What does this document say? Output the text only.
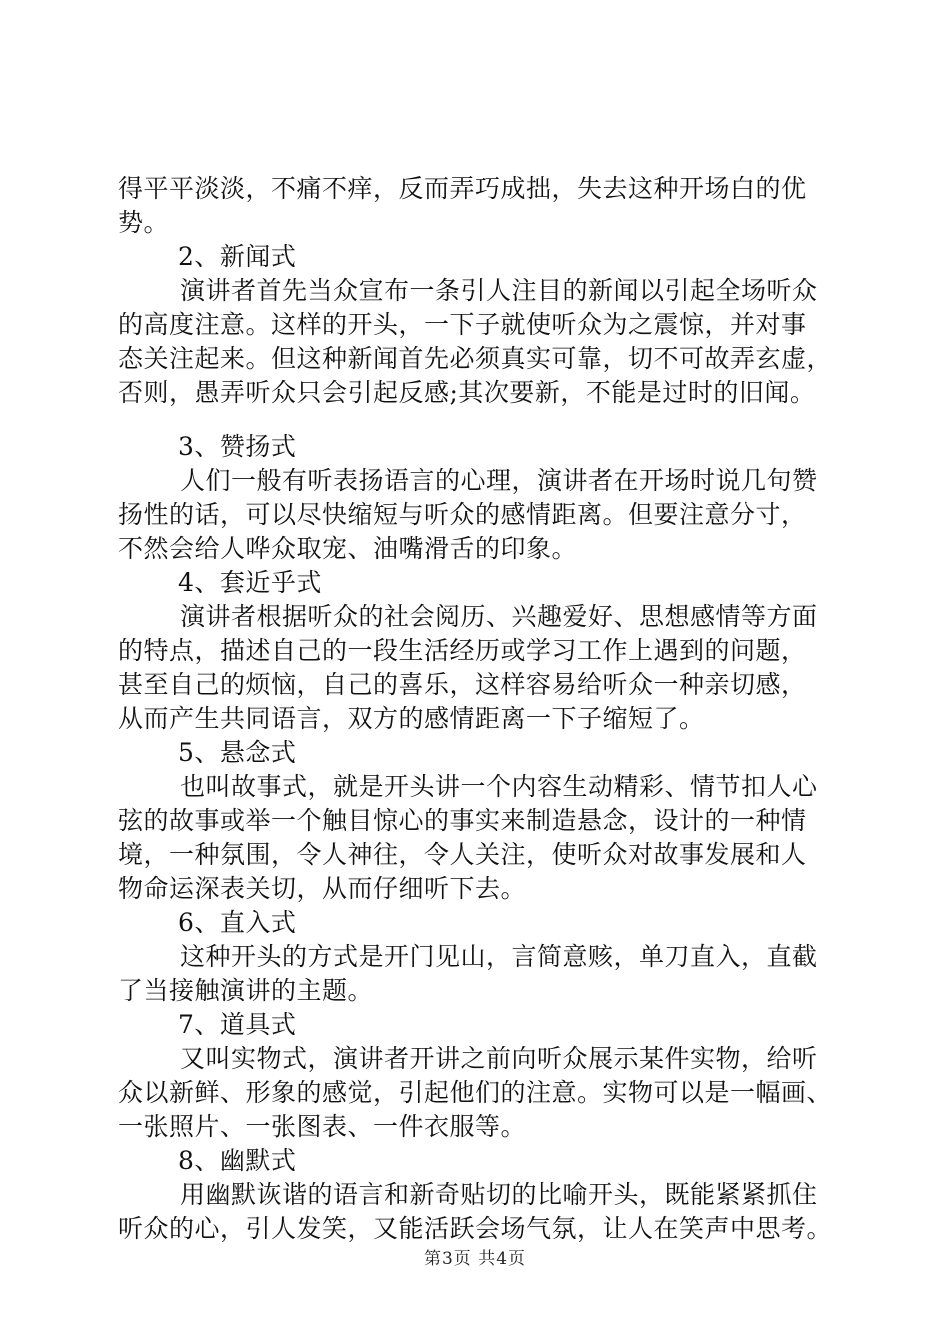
得平平淡淡，不痛不痒，反而弄巧成拙，失去这种开场白的优
势。
2、新闻式
演讲者首先当众宣布一条引人注目的新闻以引起全场听众
的高度注意。这样的开头，一下子就使听众为之震惊，并对事
态关注起来。但这种新闻首先必须真实可靠，切不可故弄玄虚，
否则，愚弄听众只会引起反感;其次要新，不能是过时的旧闻。
3、赞扬式
人们一般有听表扬语言的心理，演讲者在开场时说几句赞
扬性的话，可以尽快缩短与听众的感情距离。但要注意分寸，
不然会给人哗众取宠、油嘴滑舌的印象。
4、套近乎式
演讲者根据听众的社会阅历、兴趣爱好、思想感情等方面
的特点，描述自己的一段生活经历或学习工作上遇到的问题，
甚至自己的烦恼，自己的喜乐，这样容易给听众一种亲切感，
从而产生共同语言，双方的感情距离一下子缩短了。
5、悬念式
也叫故事式，就是开头讲一个内容生动精彩、情节扣人心
弦的故事或举一个触目惊心的事实来制造悬念，设计的一种情
境，一种氛围，令人神往，令人关注，使听众对故事发展和人
物命运深表关切，从而仔细听下去。
6、直入式
这种开头的方式是开门见山，言简意赅，单刀直入，直截
了当接触演讲的主题。
7、道具式
又叫实物式，演讲者开讲之前向听众展示某件实物，给听
众以新鲜、形象的感觉，引起他们的注意。实物可以是一幅画、
一张照片、一张图表、一件衣服等。
8、幽默式
用幽默诙谐的语言和新奇贴切的比喻开头，既能紧紧抓住
听众的心，引人发笑，又能活跃会场气氛，让人在笑声中思考。
第3页 共4页
